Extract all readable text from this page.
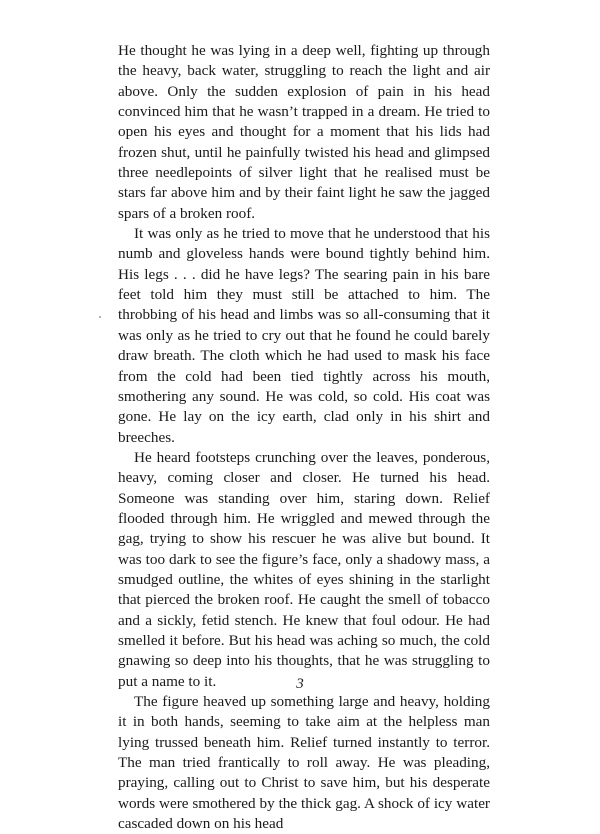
He thought he was lying in a deep well, fighting up through the heavy, back water, struggling to reach the light and air above. Only the sudden explosion of pain in his head convinced him that he wasn’t trapped in a dream. He tried to open his eyes and thought for a moment that his lids had frozen shut, until he painfully twisted his head and glimpsed three needlepoints of silver light that he realised must be stars far above him and by their faint light he saw the jagged spars of a broken roof.

It was only as he tried to move that he understood that his numb and gloveless hands were bound tightly behind him. His legs . . . did he have legs? The searing pain in his bare feet told him they must still be attached to him. The throbbing of his head and limbs was so all-consuming that it was only as he tried to cry out that he found he could barely draw breath. The cloth which he had used to mask his face from the cold had been tied tightly across his mouth, smothering any sound. He was cold, so cold. His coat was gone. He lay on the icy earth, clad only in his shirt and breeches.

He heard footsteps crunching over the leaves, ponderous, heavy, coming closer and closer. He turned his head. Someone was standing over him, staring down. Relief flooded through him. He wriggled and mewed through the gag, trying to show his rescuer he was alive but bound. It was too dark to see the figure’s face, only a shadowy mass, a smudged outline, the whites of eyes shining in the starlight that pierced the broken roof. He caught the smell of tobacco and a sickly, fetid stench. He knew that foul odour. He had smelled it before. But his head was aching so much, the cold gnawing so deep into his thoughts, that he was struggling to put a name to it.

The figure heaved up something large and heavy, holding it in both hands, seeming to take aim at the helpless man lying trussed beneath him. Relief turned instantly to terror. The man tried frantically to roll away. He was pleading, praying, calling out to Christ to save him, but his desperate words were smothered by the thick gag. A shock of icy water cascaded down on his head

3
